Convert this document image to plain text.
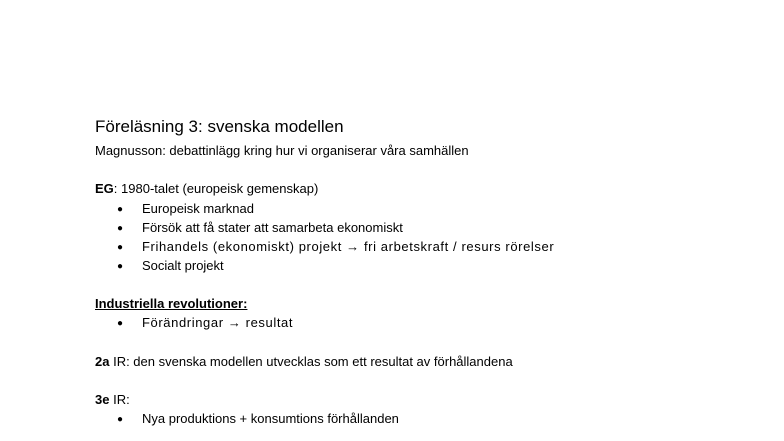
Föreläsning 3: svenska modellen
Magnusson: debattinlägg kring hur vi organiserar våra samhällen
EG: 1980-talet (europeisk gemenskap)
● Europeisk marknad
● Försök att få stater att samarbeta ekonomiskt
● Frihandels (ekonomiskt) projekt → fri arbetskraft / resurs rörelser
● Socialt projekt
Industriella revolutioner:
● Förändringar → resultat
2a IR: den svenska modellen utvecklas som ett resultat av förhållandena
3e IR:
● Nya produktions + konsumtions förhållanden
